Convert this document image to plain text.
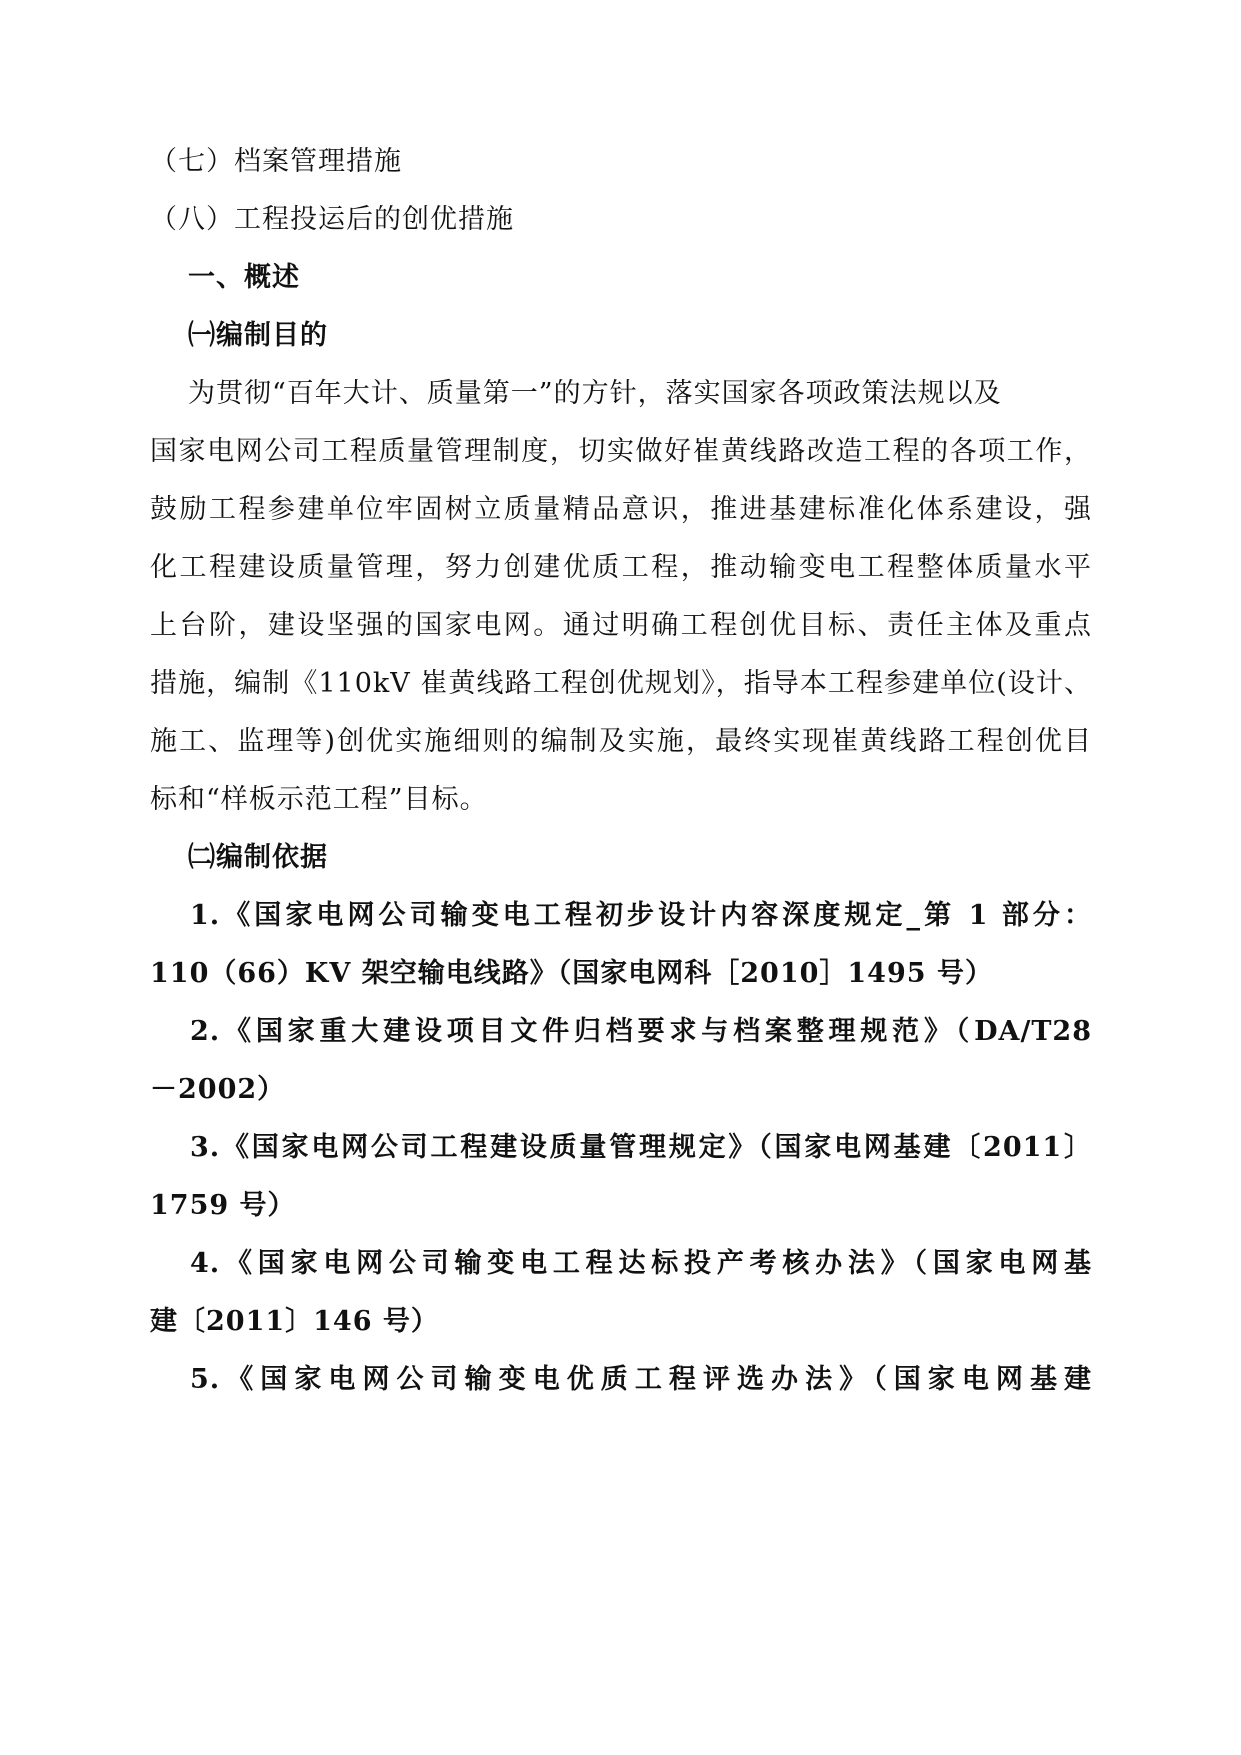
（七）档案管理措施
（八）工程投运后的创优措施
一、概述
㈠编制目的
为贯彻“百年大计、质量第一”的方针，落实国家各项政策法规以及
国家电网公司工程质量管理制度，切实做好崔黄线路改造工程的各项工作，
鼓励工程参建单位牢固树立质量精品意识，推进基建标准化体系建设，强
化工程建设质量管理，努力创建优质工程，推动输变电工程整体质量水平
上台阶，建设坚强的国家电网。通过明确工程创优目标、责任主体及重点
措施，编制《110kV 崔黄线路工程创优规划》，指导本工程参建单位(设计、
施工、监理等)创优实施细则的编制及实施，最终实现崔黄线路工程创优目
标和“样板示范工程”目标。
㈡编制依据
1.《国家电网公司输变电工程初步设计内容深度规定_第 1 部分：
110（66）KV 架空输电线路》（国家电网科［2010］1495 号）
2.《国家重大建设项目文件归档要求与档案整理规范》（DA/T28
－2002）
3.《国家电网公司工程建设质量管理规定》（国家电网基建〔2011〕
1759 号）
4.《国家电网公司输变电工程达标投产考核办法》（国家电网基
建〔2011〕146 号）
5.《国家电网公司输变电优质工程评选办法》（国家电网基建
